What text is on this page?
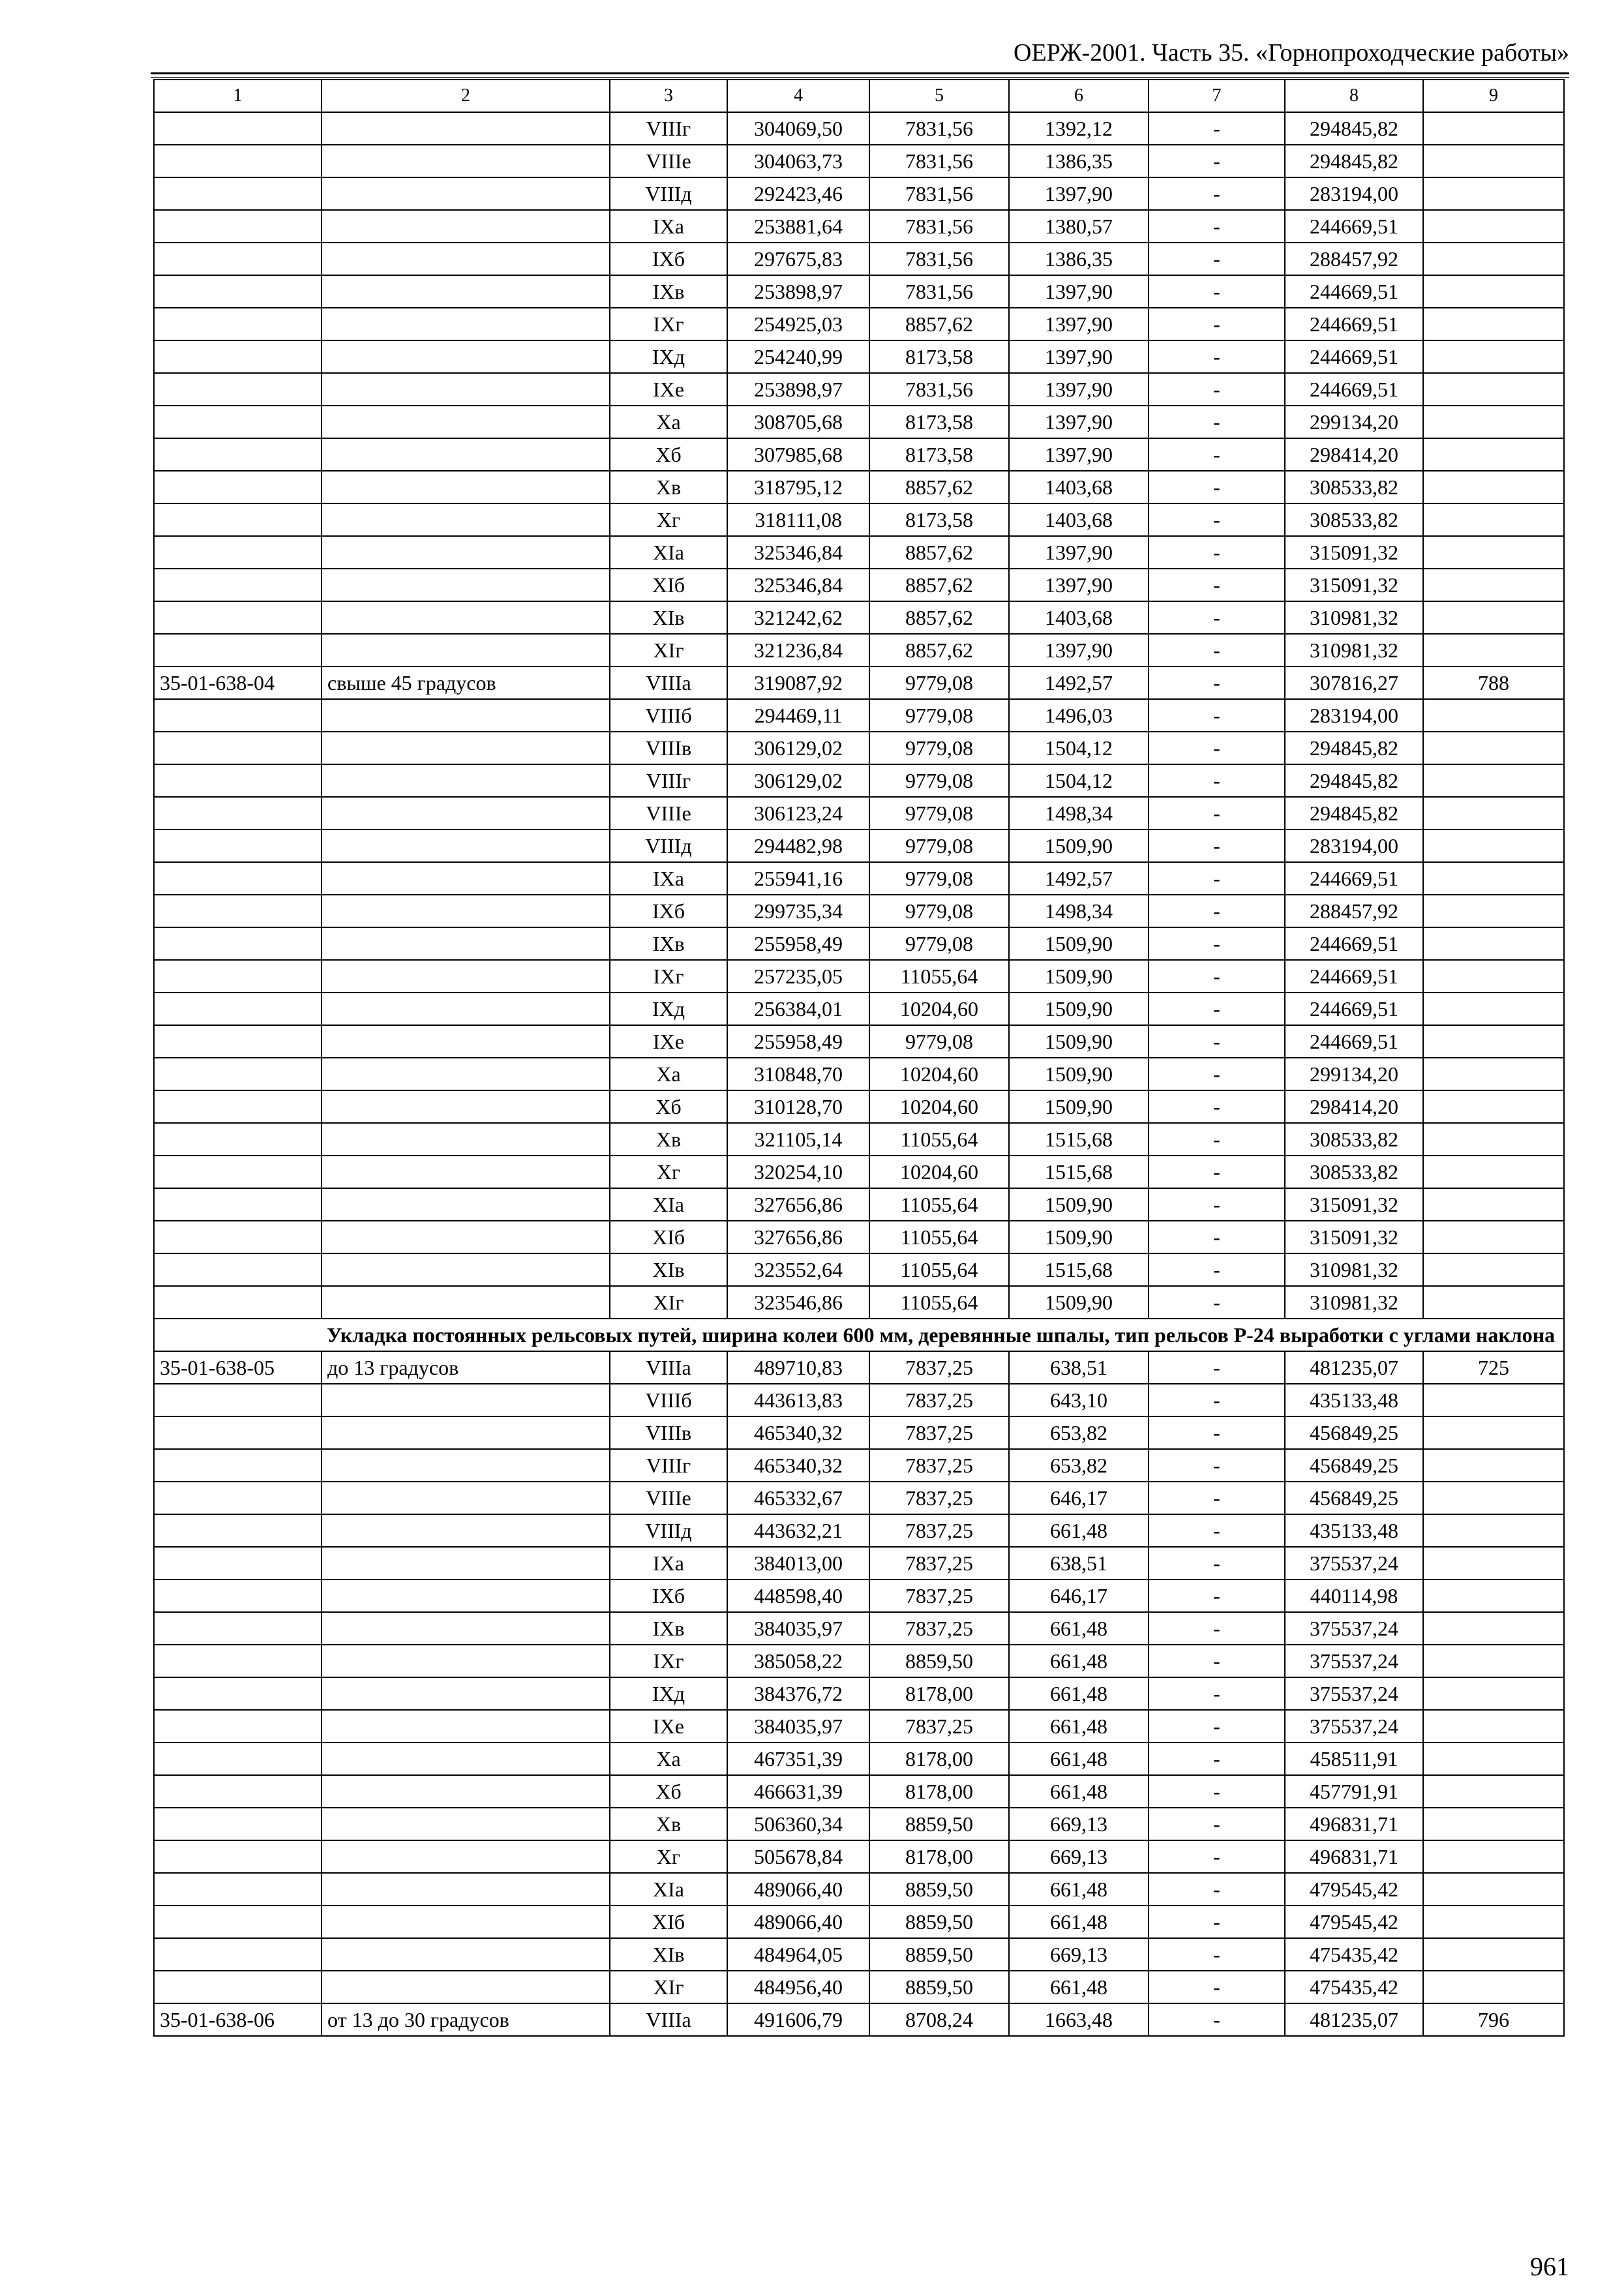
ОЕРЖ-2001. Часть 35. «Горнопроходческие работы»
1	2	3	4	5	6	7	8	9
		VIIIг	304069,50	7831,56	1392,12	-	294845,82	
		VIIIе	304063,73	7831,56	1386,35	-	294845,82	
		VIIIд	292423,46	7831,56	1397,90	-	283194,00	
		IXa	253881,64	7831,56	1380,57	-	244669,51	
		IXб	297675,83	7831,56	1386,35	-	288457,92	
		IXв	253898,97	7831,56	1397,90	-	244669,51	
		IXг	254925,03	8857,62	1397,90	-	244669,51	
		IXд	254240,99	8173,58	1397,90	-	244669,51	
		IXе	253898,97	7831,56	1397,90	-	244669,51	
		Xa	308705,68	8173,58	1397,90	-	299134,20	
		Xб	307985,68	8173,58	1397,90	-	298414,20	
		Xв	318795,12	8857,62	1403,68	-	308533,82	
		Xг	318111,08	8173,58	1403,68	-	308533,82	
		XIa	325346,84	8857,62	1397,90	-	315091,32	
		XIб	325346,84	8857,62	1397,90	-	315091,32	
		XIв	321242,62	8857,62	1403,68	-	310981,32	
		XIг	321236,84	8857,62	1397,90	-	310981,32	
35-01-638-04	свыше 45 градусов	VIIIa	319087,92	9779,08	1492,57	-	307816,27	788
		VIIIб	294469,11	9779,08	1496,03	-	283194,00	
		VIIIв	306129,02	9779,08	1504,12	-	294845,82	
		VIIIг	306129,02	9779,08	1504,12	-	294845,82	
		VIIIе	306123,24	9779,08	1498,34	-	294845,82	
		VIIIд	294482,98	9779,08	1509,90	-	283194,00	
		IXa	255941,16	9779,08	1492,57	-	244669,51	
		IXб	299735,34	9779,08	1498,34	-	288457,92	
		IXв	255958,49	9779,08	1509,90	-	244669,51	
		IXг	257235,05	11055,64	1509,90	-	244669,51	
		IXд	256384,01	10204,60	1509,90	-	244669,51	
		IXе	255958,49	9779,08	1509,90	-	244669,51	
		Xa	310848,70	10204,60	1509,90	-	299134,20	
		Xб	310128,70	10204,60	1509,90	-	298414,20	
		Xв	321105,14	11055,64	1515,68	-	308533,82	
		Xг	320254,10	10204,60	1515,68	-	308533,82	
		XIa	327656,86	11055,64	1509,90	-	315091,32	
		XIб	327656,86	11055,64	1509,90	-	315091,32	
		XIв	323552,64	11055,64	1515,68	-	310981,32	
		XIг	323546,86	11055,64	1509,90	-	310981,32	
	Укладка постоянных рельсовых путей, ширина колеи 600 мм, деревянные шпалы, тип рельсов Р-24 выработки с углами наклона							
35-01-638-05	до 13 градусов	VIIIa	489710,83	7837,25	638,51	-	481235,07	725
		VIIIб	443613,83	7837,25	643,10	-	435133,48	
		VIIIв	465340,32	7837,25	653,82	-	456849,25	
		VIIIг	465340,32	7837,25	653,82	-	456849,25	
		VIIIе	465332,67	7837,25	646,17	-	456849,25	
		VIIIд	443632,21	7837,25	661,48	-	435133,48	
		IXa	384013,00	7837,25	638,51	-	375537,24	
		IXб	448598,40	7837,25	646,17	-	440114,98	
		IXв	384035,97	7837,25	661,48	-	375537,24	
		IXг	385058,22	8859,50	661,48	-	375537,24	
		IXд	384376,72	8178,00	661,48	-	375537,24	
		IXе	384035,97	7837,25	661,48	-	375537,24	
		Xa	467351,39	8178,00	661,48	-	458511,91	
		Xб	466631,39	8178,00	661,48	-	457791,91	
		Xв	506360,34	8859,50	669,13	-	496831,71	
		Xг	505678,84	8178,00	669,13	-	496831,71	
		XIa	489066,40	8859,50	661,48	-	479545,42	
		XIб	489066,40	8859,50	661,48	-	479545,42	
		XIв	484964,05	8859,50	669,13	-	475435,42	
		XIг	484956,40	8859,50	661,48	-	475435,42	
35-01-638-06	от 13 до 30 градусов	VIIIa	491606,79	8708,24	1663,48	-	481235,07	796
961
